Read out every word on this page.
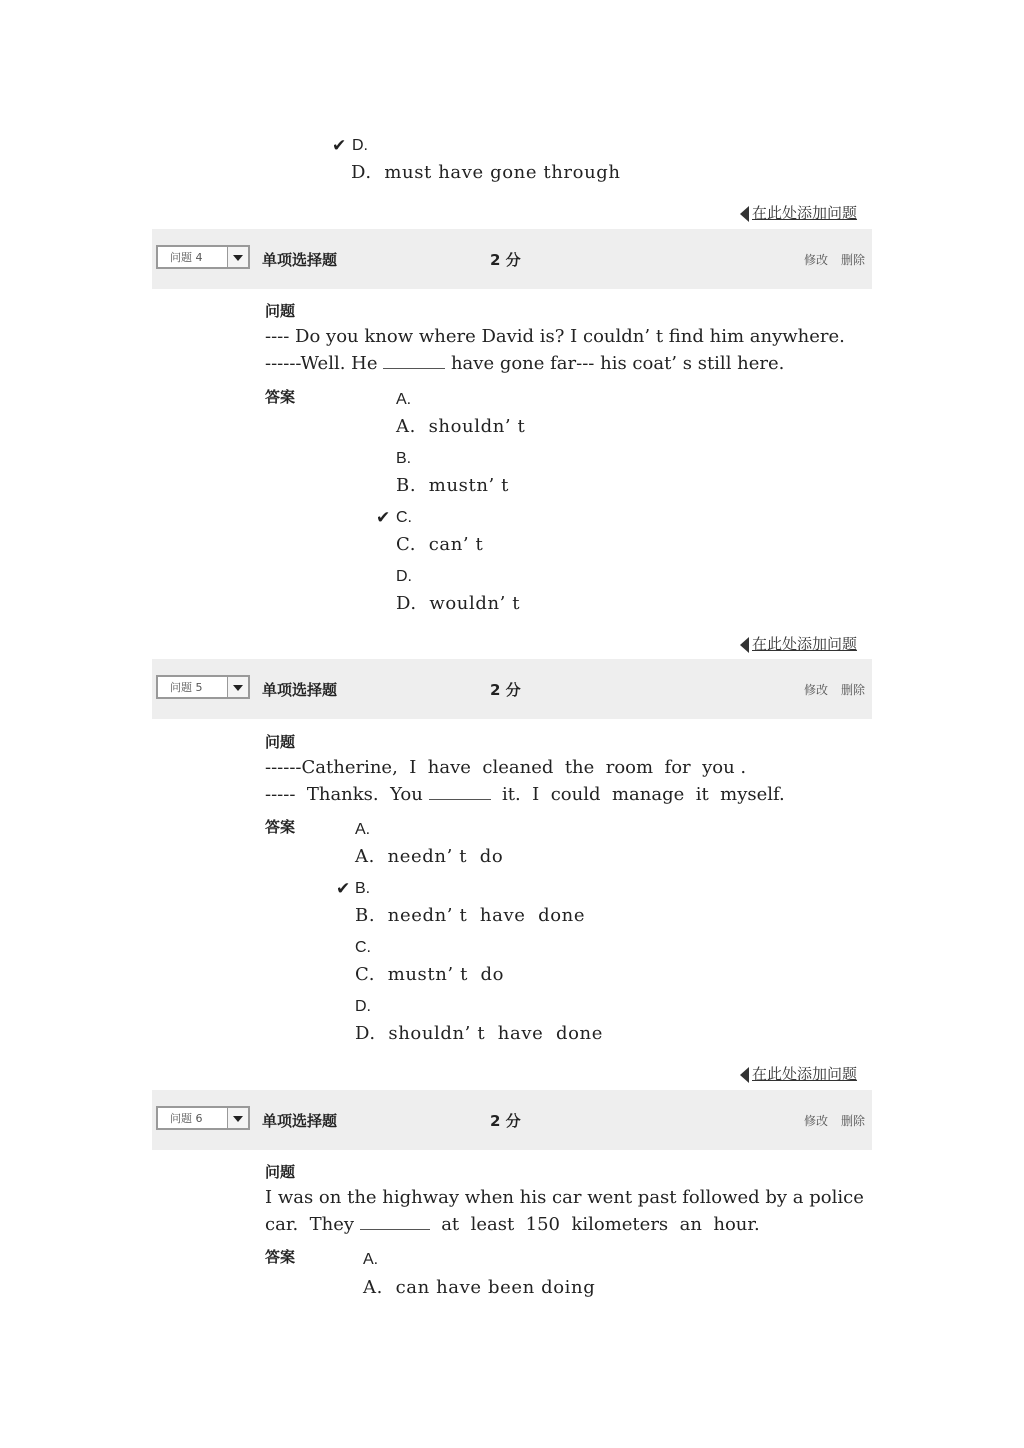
✔ D.
D.  must have gone through
在此处添加问题
问题 4	单项选择题	2 分	修改 删除
问题
---- Do you know where David is? I couldn’ t find him anywhere.
------Well. He	have gone far--- his coat’ s still here.
答案	A.
A.  shouldn’ t
B.
B.  mustn’ t
✔ C.
C.  can’ t
D.
D.  wouldn’ t
在此处添加问题
问题 5	单项选择题	2 分	修改 删除
问题
------Catherine,  I  have  cleaned  the  room  for  you .
-----  Thanks.  You	it.  I  could  manage  it  myself.
答案	A.
A.  needn’ t  do
✔ B.
B.  needn’ t  have  done
C.
C.  mustn’ t  do
D.
D.  shouldn’ t  have  done
在此处添加问题
问题 6	单项选择题	2 分	修改 删除
问题
I was on the highway when his car went past followed by a police
car.  They	at  least  150  kilometers  an  hour.
答案	A.
A.  can have been doing
